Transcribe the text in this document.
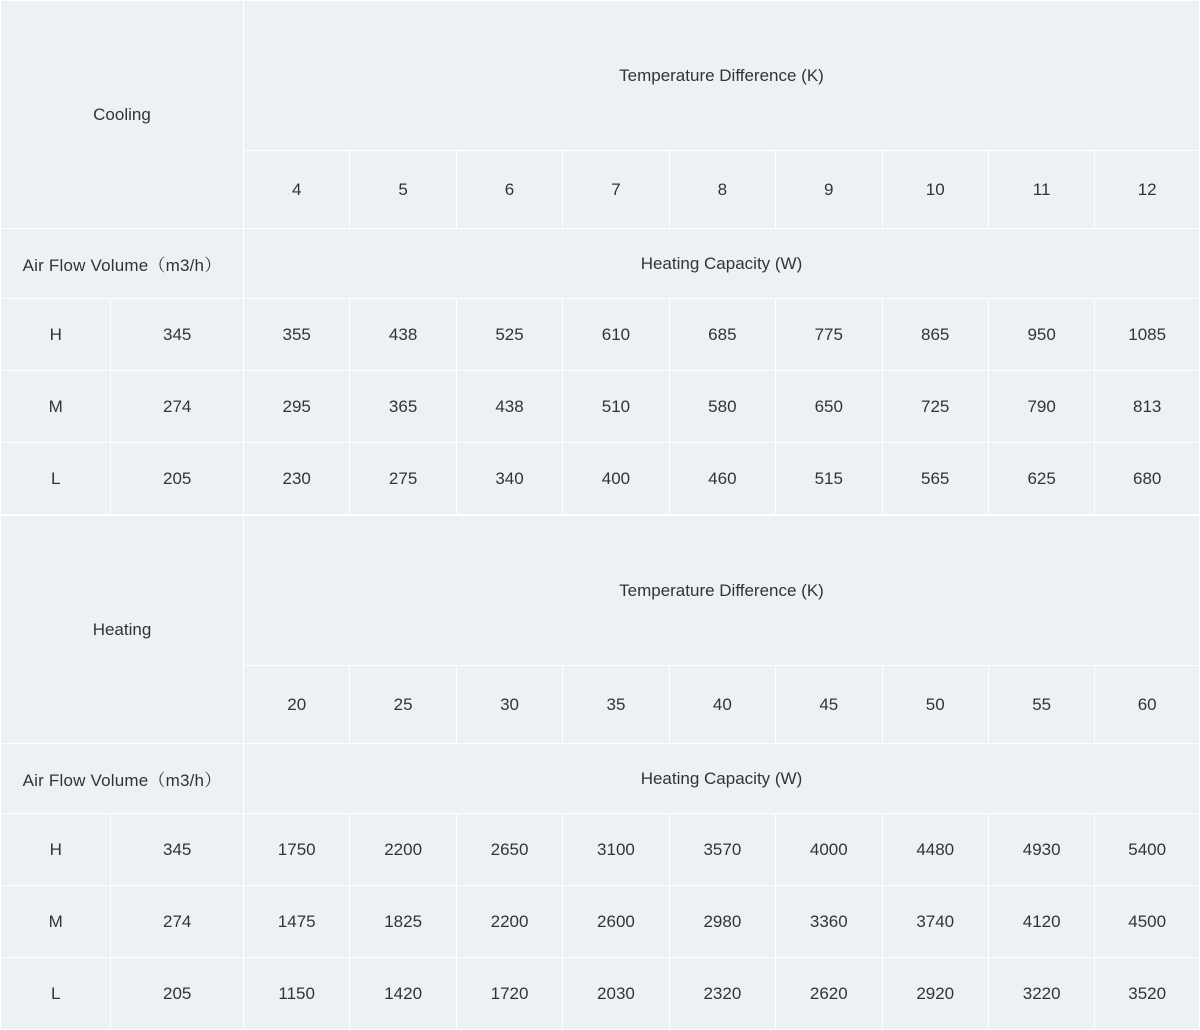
Cooling		Temperature Difference (K)								
		4	5	6	7	8	9	10	11	12
Air Flow Volume（m3/h）		Heating Capacity (W)								
H	345	355	438	525	610	685	775	865	950	1085
M	274	295	365	438	510	580	650	725	790	813
L	205	230	275	340	400	460	515	565	625	680
Heating		Temperature Difference (K)								
		20	25	30	35	40	45	50	55	60
Air Flow Volume（m3/h）		Heating Capacity (W)								
H	345	1750	2200	2650	3100	3570	4000	4480	4930	5400
M	274	1475	1825	2200	2600	2980	3360	3740	4120	4500
L	205	1150	1420	1720	2030	2320	2620	2920	3220	3520
